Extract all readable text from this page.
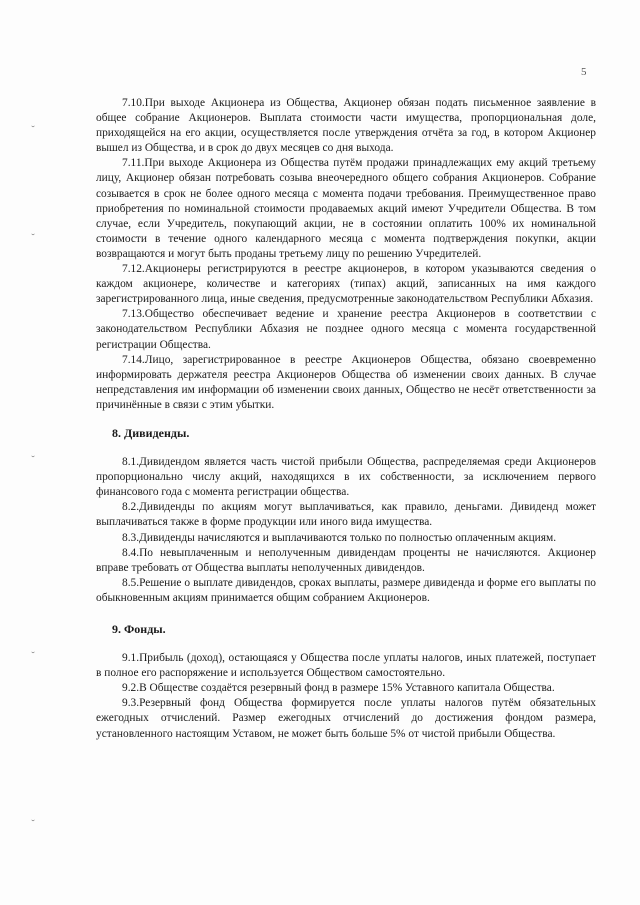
˘
˘
˘
˘
˘
5

7.10.При выходе Акционера из Общества, Акционер обязан подать письменное заявление в общее собрание Акционеров. Выплата стоимости части имущества, пропорциональная доле, приходящейся на его акции, осуществляется после утверждения отчёта за год, в котором Акционер вышел из Общества, и в срок до двух месяцев со дня выхода.

7.11.При выходе Акционера из Общества путём продажи принадлежащих ему акций третьему лицу, Акционер обязан потребовать созыва внеочередного общего собрания Акционеров. Собрание созывается в срок не более одного месяца с момента подачи требования. Преимущественное право приобретения по номинальной стоимости продаваемых акций имеют Учредители Общества. В том случае, если Учредитель, покупающий акции, не в состоянии оплатить 100% их номинальной стоимости в течение одного календарного месяца с момента подтверждения покупки, акции возвращаются и могут быть проданы третьему лицу по решению Учредителей.

7.12.Акционеры регистрируются в реестре акционеров, в котором указываются сведения о каждом акционере, количестве и категориях (типах) акций, записанных на имя каждого зарегистрированного лица, иные сведения, предусмотренные законодательством Республики Абхазия.

7.13.Общество обеспечивает ведение и хранение реестра Акционеров в соответствии с законодательством Республики Абхазия не позднее одного месяца с момента государственной регистрации Общества.

7.14.Лицо, зарегистрированное в реестре Акционеров Общества, обязано своевременно информировать держателя реестра Акционеров Общества об изменении своих данных. В случае непредставления им информации об изменении своих данных, Общество не несёт ответственности за причинённые в связи с этим убытки.

8. Дивиденды.

8.1.Дивидендом является часть чистой прибыли Общества, распределяемая среди Акционеров пропорционально числу акций, находящихся в их собственности, за исключением первого финансового года с момента регистрации общества.

8.2.Дивиденды по акциям могут выплачиваться, как правило, деньгами. Дивиденд может выплачиваться также в форме продукции или иного вида имущества.

8.3.Дивиденды начисляются и выплачиваются только по полностью оплаченным акциям.

8.4.По невыплаченным и неполученным дивидендам проценты не начисляются. Акционер вправе требовать от Общества выплаты неполученных дивидендов.

8.5.Решение о выплате дивидендов, сроках выплаты, размере дивиденда и форме его выплаты по обыкновенным акциям принимается общим собранием Акционеров.

9. Фонды.

9.1.Прибыль (доход), остающаяся у Общества после уплаты налогов, иных платежей, поступает в полное его распоряжение и используется Обществом самостоятельно.

9.2.В Обществе создаётся резервный фонд в размере 15% Уставного капитала Общества.

9.3.Резервный фонд Общества формируется после уплаты налогов путём обязательных ежегодных отчислений. Размер ежегодных отчислений до достижения фондом размера, установленного настоящим Уставом, не может быть больше 5% от чистой прибыли Общества.
